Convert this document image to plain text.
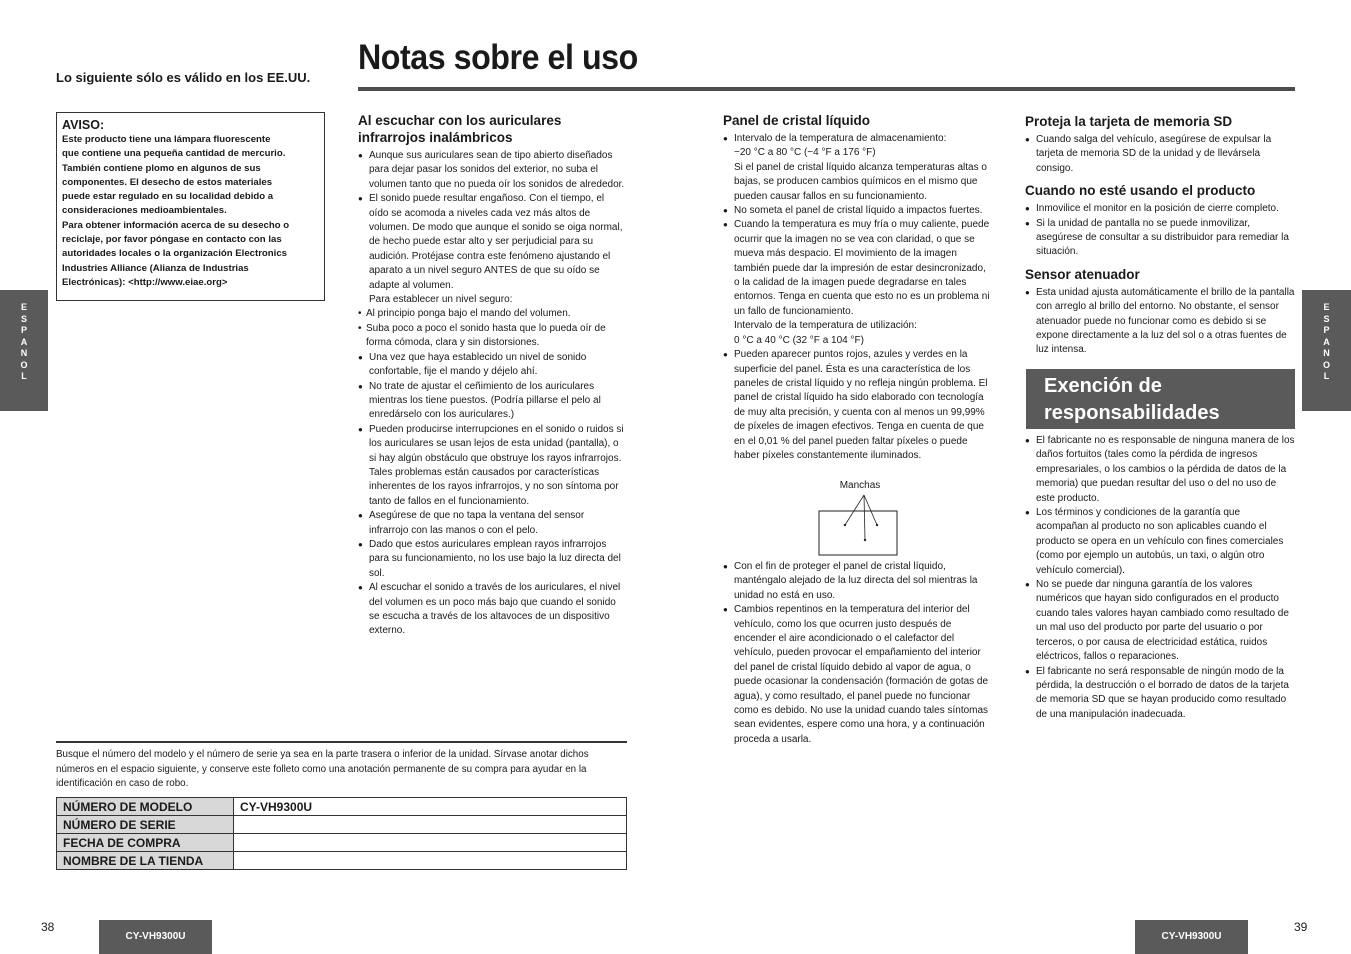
E
S
P
A
N
O
L
E
S
P
A
N
O
L
Notas sobre el uso
Lo siguiente sólo es válido en los EE.UU.
AVISO:
Este producto tiene una lámpara fluorescente
que contiene una pequeña cantidad de mercurio.
También contiene plomo en algunos de sus
componentes. El desecho de estos materiales
puede estar regulado en su localidad debido a
consideraciones medioambientales.
Para obtener información acerca de su desecho o
reciclaje, por favor póngase en contacto con las
autoridades locales o la organización Electronics
Industries Alliance (Alianza de Industrias
Electrónicas): <http://www.eiae.org>
Al escuchar con los auriculares infrarrojos inalámbricos
● Aunque sus auriculares sean de tipo abierto diseñados para dejar pasar los sonidos del exterior, no suba el volumen tanto que no pueda oír los sonidos de alrededor.
● El sonido puede resultar engañoso. Con el tiempo, el oído se acomoda a niveles cada vez más altos de volumen. De modo que aunque el sonido se oiga normal, de hecho puede estar alto y ser perjudicial para su audición. Protéjase contra este fenómeno ajustando el aparato a un nivel seguro ANTES de que su oído se adapte al volumen.
Para establecer un nivel seguro:
• Al principio ponga bajo el mando del volumen.
• Suba poco a poco el sonido hasta que lo pueda oír de forma cómoda, clara y sin distorsiones.
● Una vez que haya establecido un nivel de sonido confortable, fije el mando y déjelo ahí.
● No trate de ajustar el ceñimiento de los auriculares mientras los tiene puestos. (Podría pillarse el pelo al enredárselo con los auriculares.)
● Pueden producirse interrupciones en el sonido o ruidos si los auriculares se usan lejos de esta unidad (pantalla), o si hay algún obstáculo que obstruye los rayos infrarrojos. Tales problemas están causados por características inherentes de los rayos infrarrojos, y no son síntoma por tanto de fallos en el funcionamiento.
● Asegúrese de que no tapa la ventana del sensor infrarrojo con las manos o con el pelo.
● Dado que estos auriculares emplean rayos infrarrojos para su funcionamiento, no los use bajo la luz directa del sol.
● Al escuchar el sonido a través de los auriculares, el nivel del volumen es un poco más bajo que cuando el sonido se escucha a través de los altavoces de un dispositivo externo.
Panel de cristal líquido
● Intervalo de la temperatura de almacenamiento:
−20 °C a 80 °C (−4 °F a 176 °F)
Si el panel de cristal líquido alcanza temperaturas altas o bajas, se producen cambios químicos en el mismo que pueden causar fallos en su funcionamiento.
● No someta el panel de cristal líquido a impactos fuertes.
● Cuando la temperatura es muy fría o muy caliente, puede ocurrir que la imagen no se vea con claridad, o que se mueva más despacio. El movimiento de la imagen también puede dar la impresión de estar desincronizado, o la calidad de la imagen puede degradarse en tales entornos. Tenga en cuenta que esto no es un problema ni un fallo de funcionamiento.
Intervalo de la temperatura de utilización:
0 °C a 40 °C (32 °F a 104 °F)
● Pueden aparecer puntos rojos, azules y verdes en la superficie del panel. Ésta es una característica de los paneles de cristal líquido y no refleja ningún problema. El panel de cristal líquido ha sido elaborado con tecnología de muy alta precisión, y cuenta con al menos un 99,99% de píxeles de imagen efectivos. Tenga en cuenta de que en el 0,01 % del panel pueden faltar píxeles o puede haber píxeles constantemente iluminados.
Manchas
● Con el fin de proteger el panel de cristal líquido, manténgalo alejado de la luz directa del sol mientras la unidad no está en uso.
● Cambios repentinos en la temperatura del interior del vehículo, como los que ocurren justo después de encender el aire acondicionado o el calefactor del vehículo, pueden provocar el empañamiento del interior del panel de cristal líquido debido al vapor de agua, o puede ocasionar la condensación (formación de gotas de agua), y como resultado, el panel puede no funcionar como es debido. No use la unidad cuando tales síntomas sean evidentes, espere como una hora, y a continuación proceda a usarla.
Proteja la tarjeta de memoria SD
● Cuando salga del vehículo, asegúrese de expulsar la tarjeta de memoria SD de la unidad y de llevársela consigo.
Cuando no esté usando el producto
● Inmovilice el monitor en la posición de cierre completo.
● Si la unidad de pantalla no se puede inmovilizar, asegúrese de consultar a su distribuidor para remediar la situación.
Sensor atenuador
● Esta unidad ajusta automáticamente el brillo de la pantalla con arreglo al brillo del entorno. No obstante, el sensor atenuador puede no funcionar como es debido si se expone directamente a la luz del sol o a otras fuentes de luz intensa.
Exención de
responsabilidades
● El fabricante no es responsable de ninguna manera de los daños fortuitos (tales como la pérdida de ingresos empresariales, o los cambios o la pérdida de datos de la memoria) que puedan resultar del uso o del no uso de este producto.
● Los términos y condiciones de la garantía que acompañan al producto no son aplicables cuando el producto se opera en un vehículo con fines comerciales (como por ejemplo un autobús, un taxi, o algún otro vehículo comercial).
● No se puede dar ninguna garantía de los valores numéricos que hayan sido configurados en el producto cuando tales valores hayan cambiado como resultado de un mal uso del producto por parte del usuario o por terceros, o por causa de electricidad estática, ruidos eléctricos, fallos o reparaciones.
● El fabricante no será responsable de ningún modo de la pérdida, la destrucción o el borrado de datos de la tarjeta de memoria SD que se hayan producido como resultado de una manipulación inadecuada.
Busque el número del modelo y el número de serie ya sea en la parte trasera o inferior de la unidad. Sírvase anotar dichos números en el espacio siguiente, y conserve este folleto como una anotación permanente de su compra para ayudar en la identificación en caso de robo.
NÚMERO DE MODELO	CY-VH9300U
NÚMERO DE SERIE	
FECHA DE COMPRA	
NOMBRE DE LA TIENDA	
38
CY-VH9300U	CY-VH9300U
39
